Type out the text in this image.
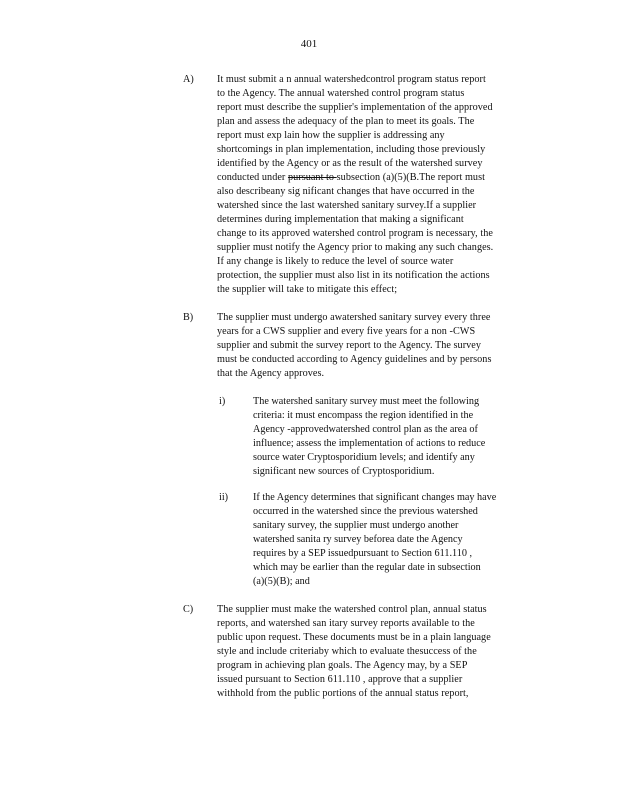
401
A) It must submit a n annual watershedcontrol program status report
to the Agency. The annual watershed control program status
report must describe the supplier's implementation of the approved
plan and assess the adequacy of the plan to meet its goals. The
report must exp lain how the supplier is addressing any
shortcomings in plan implementation, including those previously
identified by the Agency or as the result of the watershed survey
conducted under pursuant to subsection (a)(5)(B.The report must
also describeany sig nificant changes that have occurred in the
watershed since the last watershed sanitary survey.If a supplier
determines during implementation that making a significant
change to its approved watershed control program is necessary, the
supplier must notify the Agency prior to making any such changes.
If any change is likely to reduce the level of source water
protection, the supplier must also list in its notification the actions
the supplier will take to mitigate this effect;
B) The supplier must undergo awatershed sanitary survey every three
years for a CWS supplier and every five years for a non -CWS
supplier and submit the survey report to the Agency. The survey
must be conducted according to Agency guidelines and by persons
that the Agency approves.
i)	The watershed sanitary survey must meet the following
criteria: it must encompass the region identified in the
Agency -approvedwatershed control plan as the area of
influence; assess the implementation of actions to reduce
source water Cryptosporidium levels; and identify any
significant new sources of Cryptosporidium.
ii) If the Agency determines that significant changes may have
occurred in the watershed since the previous watershed
sanitary survey, the supplier must undergo another
watershed sanita ry survey beforea date the Agency
requires by a SEP issuedpursuant to Section 611.110 ,
which may be earlier than the regular date in subsection
(a)(5)(B); and
C) The supplier must make the watershed control plan, annual status
reports, and watershed san itary survey reports available to the
public upon request. These documents must be in a plain language
style and include criteriaby which to evaluate thesuccess of the
program in achieving plan goals. The Agency may, by a SEP
issued pursuant to Section 611.110 , approve that a supplier
withhold from the public portions of the annual status report,
